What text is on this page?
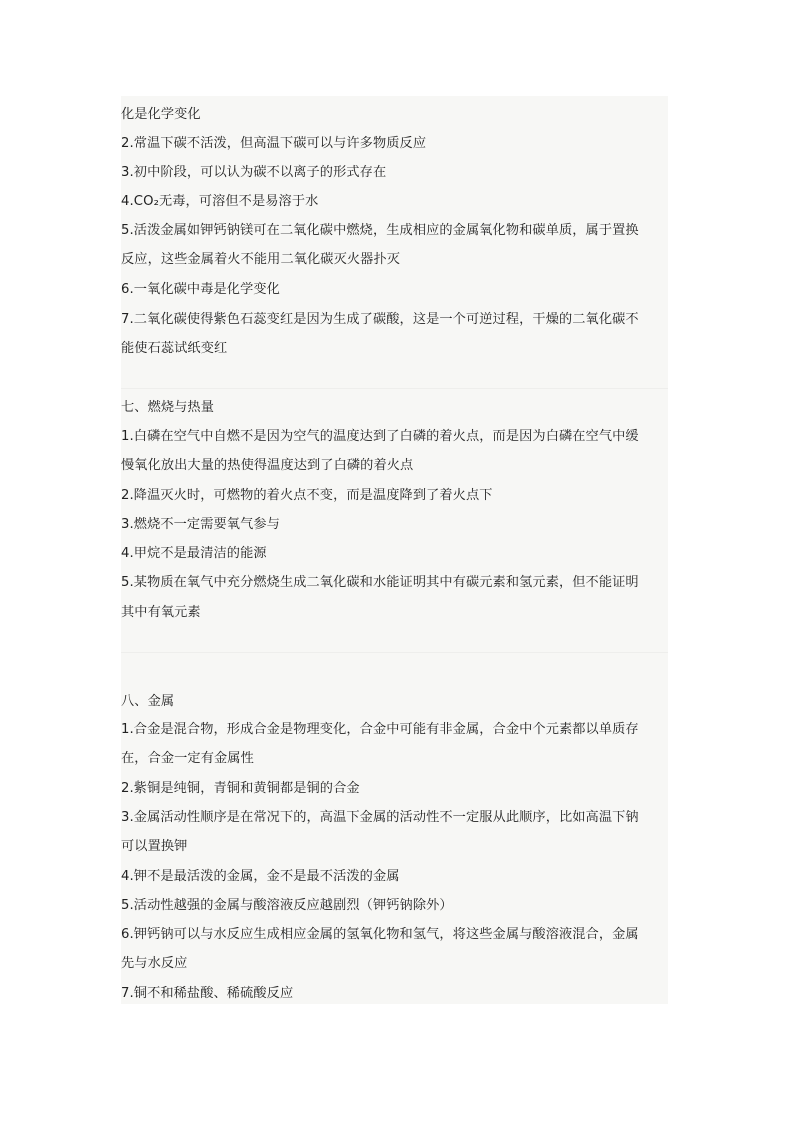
化是化学变化
2.常温下碳不活泼，但高温下碳可以与许多物质反应
3.初中阶段，可以认为碳不以离子的形式存在
4.CO₂无毒，可溶但不是易溶于水
5.活泼金属如钾钙钠镁可在二氧化碳中燃烧，生成相应的金属氧化物和碳单质，属于置换
反应，这些金属着火不能用二氧化碳灭火器扑灭
6.一氧化碳中毒是化学变化
7.二氧化碳使得紫色石蕊变红是因为生成了碳酸，这是一个可逆过程，干燥的二氧化碳不
能使石蕊试纸变红
七、燃烧与热量
1.白磷在空气中自燃不是因为空气的温度达到了白磷的着火点，而是因为白磷在空气中缓
慢氧化放出大量的热使得温度达到了白磷的着火点
2.降温灭火时，可燃物的着火点不变，而是温度降到了着火点下
3.燃烧不一定需要氧气参与
4.甲烷不是最清洁的能源
5.某物质在氧气中充分燃烧生成二氧化碳和水能证明其中有碳元素和氢元素，但不能证明
其中有氧元素
八、金属
1.合金是混合物，形成合金是物理变化，合金中可能有非金属，合金中个元素都以单质存
在，合金一定有金属性
2.紫铜是纯铜，青铜和黄铜都是铜的合金
3.金属活动性顺序是在常况下的，高温下金属的活动性不一定服从此顺序，比如高温下钠
可以置换钾
4.钾不是最活泼的金属，金不是最不活泼的金属
5.活动性越强的金属与酸溶液反应越剧烈（钾钙钠除外）
6.钾钙钠可以与水反应生成相应金属的氢氧化物和氢气，将这些金属与酸溶液混合，金属
先与水反应
7.铜不和稀盐酸、稀硫酸反应
